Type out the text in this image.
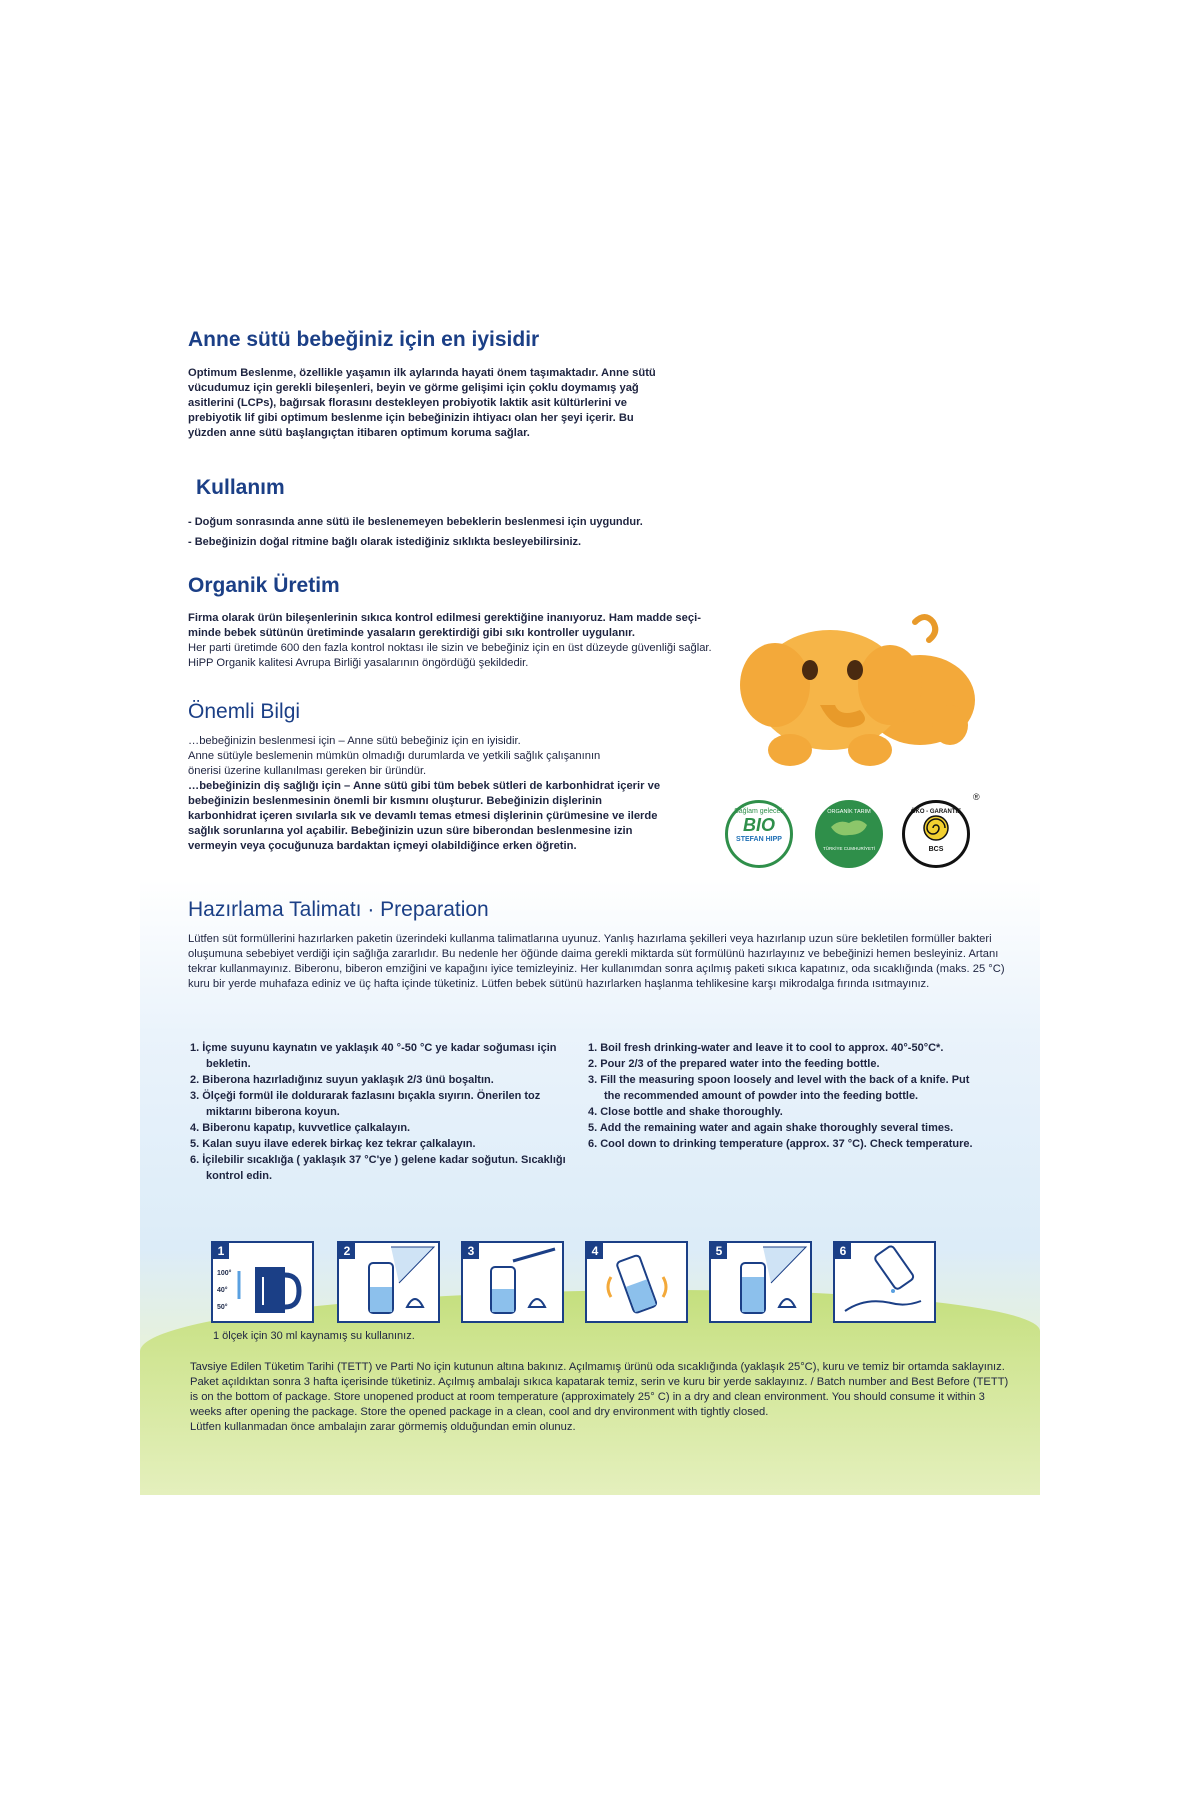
Anne sütü bebeğiniz için en iyisidir

Optimum Beslenme, özellikle yaşamın ilk aylarında hayati önem taşımaktadır. Anne sütü vücudumuz için gerekli bileşenleri, beyin ve görme gelişimi için çoklu doymamış yağ asitlerini (LCPs), bağırsak florasını destekleyen probiyotik laktik asit kültürlerini ve prebiyotik lif gibi optimum beslenme için bebeğinizin ihtiyacı olan her şeyi içerir. Bu yüzden anne sütü başlangıçtan itibaren optimum koruma sağlar.

Kullanım
- Doğum sonrasında anne sütü ile beslenemeyen bebeklerin beslenmesi için uygundur.
- Bebeğinizin doğal ritmine bağlı olarak istediğiniz sıklıkta besleyebilirsiniz.
Organik Üretim

Firma olarak ürün bileşenlerinin sıkıca kontrol edilmesi gerektiğine inanıyoruz. Ham madde seçi-

minde bebek sütünün üretiminde yasaların gerektirdiği gibi sıkı kontroller uygulanır.

Her parti üretimde 600 den fazla kontrol noktası ile sizin ve bebeğiniz için en üst düzeyde güvenliği sağlar.

HiPP Organik kalitesi Avrupa Birliği yasalarının öngördüğü şekildedir.

Önemli Bilgi

…bebeğinizin beslenmesi için – Anne sütü bebeğiniz için en iyisidir.

Anne sütüyle beslemenin mümkün olmadığı durumlarda ve yetkili sağlık çalışanının

önerisi üzerine kullanılması gereken bir üründür.

…bebeğinizin diş sağlığı için – Anne sütü gibi tüm bebek sütleri de karbonhidrat içerir ve bebeğinizin beslenmesinin önemli bir kısmını oluşturur. Bebeğinizin dişlerinin karbonhidrat içeren sıvılarla sık ve devamlı temas etmesi dişlerinin çürümesine ve ilerde sağlık sorunlarına yol açabilir. Bebeğinizin uzun süre biberondan beslenmesine izin vermeyin veya çocuğunuza bardaktan içmeyi olabildiğince erken öğretin.

Sağlam gelecek
BIO
STEFAN HIPP
ORGANİK TARIM
TÜRKİYE CUMHURİYETİ
ÖKO - GARANTIE
BCS
®
Hazırlama Talimatı · Preparation

Lütfen süt formüllerini hazırlarken paketin üzerindeki kullanma talimatlarına uyunuz. Yanlış hazırlama şekilleri veya hazırlanıp uzun süre bekletilen formüller bakteri oluşumuna sebebiyet verdiği için sağlığa zararlıdır. Bu nedenle her öğünde daima gerekli miktarda süt formülünü hazırlayınız ve bebeğinizi hemen besleyiniz. Artanı tekrar kullanmayınız. Biberonu, biberon emziğini ve kapağını iyice temizleyiniz. Her kullanımdan sonra açılmış paketi sıkıca kapatınız, oda sıcaklığında (maks. 25 °C) kuru bir yerde muhafaza ediniz ve üç hafta içinde tüketiniz. Lütfen bebek sütünü hazırlarken haşlanma tehlikesine karşı mikrodalga fırında ısıtmayınız.

1. İçme suyunu kaynatın ve yaklaşık 40 °-50 °C ye kadar soğuması için bekletin.
2. Biberona hazırladığınız suyun yaklaşık 2/3 ünü boşaltın.
3. Ölçeği formül ile doldurarak fazlasını bıçakla sıyırın. Önerilen toz miktarını biberona koyun.
4. Biberonu kapatıp, kuvvetlice çalkalayın.
5. Kalan suyu ilave ederek birkaç kez tekrar çalkalayın.
6. İçilebilir sıcaklığa ( yaklaşık 37 °C'ye ) gelene kadar soğutun. Sıcaklığı kontrol edin.
1. Boil fresh drinking-water and leave it to cool to approx. 40°-50°C*.
2. Pour 2/3 of the prepared water into the feeding bottle.
3. Fill the measuring spoon loosely and level with the back of a knife. Put the recommended amount of powder into the feeding bottle.
4. Close bottle and shake thoroughly.
5. Add the remaining water and again shake thoroughly several times.
6. Cool down to drinking temperature (approx. 37 °C). Check temperature.
1
100°
40°
50°
2	3	4	5	6
1 ölçek için 30 ml kaynamış su kullanınız.

Tavsiye Edilen Tüketim Tarihi (TETT) ve Parti No için kutunun altına bakınız. Açılmamış ürünü oda sıcaklığında (yaklaşık 25°C), kuru ve temiz bir ortamda saklayınız. Paket açıldıktan sonra 3 hafta içerisinde tüketiniz. Açılmış ambalajı sıkıca kapatarak temiz, serin ve kuru bir yerde saklayınız. / Batch number and Best Before (TETT) is on the bottom of package. Store unopened product at room temperature (approximately 25° C) in a dry and clean environment. You should consume it within 3 weeks after opening the package. Store the opened package in a clean, cool and dry environment with tightly closed.

Lütfen kullanmadan önce ambalajın zarar görmemiş olduğundan emin olunuz.
